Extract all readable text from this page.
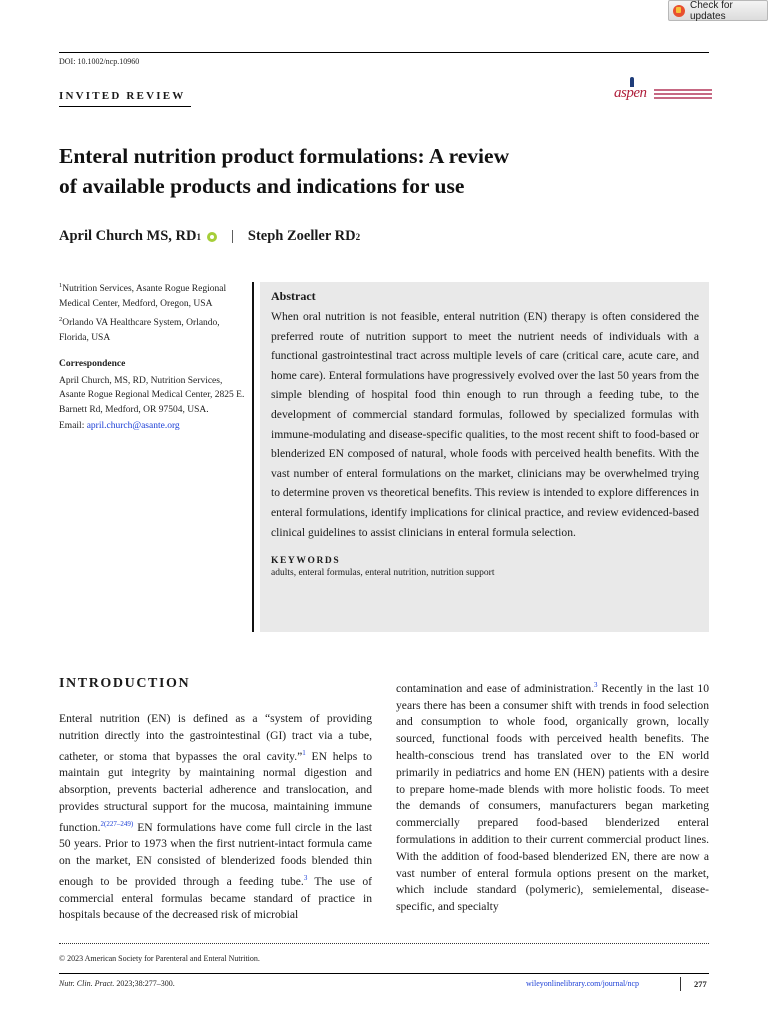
Check for updates
DOI: 10.1002/ncp.10960
INVITED REVIEW	aspen
Enteral nutrition product formulations: A review
of available products and indications for use
April Church MS, RD 1 | Steph Zoeller RD 2

$^1$Nutrition Services, Asante Rogue Regional Medical Center, Medford, Oregon, USA

$^2$Orlando VA Healthcare System, Orlando, Florida, USA

Correspondence

April Church, MS, RD, Nutrition Services, Asante Rogue Regional Medical Center, 2825 E. Barnett Rd, Medford, OR 97504, USA.

Email: april.church@asante.org

Abstract

When oral nutrition is not feasible, enteral nutrition (EN) therapy is often considered the preferred route of nutrition support to meet the nutrient needs of individuals with a functional gastrointestinal tract across multiple levels of care (critical care, acute care, and home care). Enteral formulations have progressively evolved over the last 50 years from the simple blending of hospital food thin enough to run through a feeding tube, to the development of commercial standard formulas, followed by specialized formulas with immune-modulating and disease-specific qualities, to the most recent shift to food-based or blenderized EN composed of natural, whole foods with perceived health benefits. With the vast number of enteral formulations on the market, clinicians may be overwhelmed trying to determine proven vs theoretical benefits. This review is intended to explore differences in enteral formulations, identify implications for clinical practice, and review evidenced-based clinical guidelines to assist clinicians in enteral formula selection.

KEYWORDS

adults, enteral formulas, enteral nutrition, nutrition support

INTRODUCTION

Enteral nutrition (EN) is defined as a “system of providing nutrition directly into the gastrointestinal (GI) tract via a tube, catheter, or stoma that bypasses the oral cavity.”$^1$ EN helps to maintain gut integrity by maintaining normal digestion and absorption, prevents bacterial adherence and translocation, and provides structural support for the mucosa, maintaining immune function.$^{2(227-249)}$ EN formulations have come full circle in the last 50 years. Prior to 1973 when the first nutrient-intact formula came on the market, EN consisted of blenderized foods blended thin enough to be provided through a feeding tube.$^3$ The use of commercial enteral formulas became standard of practice in hospitals because of the decreased risk of microbial

contamination and ease of administration.$^3$ Recently in the last 10 years there has been a consumer shift with trends in food selection and consumption to whole food, organically grown, locally sourced, functional foods with perceived health benefits. The health-conscious trend has translated over to the EN world primarily in pediatrics and home EN (HEN) patients with a desire to prepare home-made blends with more holistic foods. To meet the demands of consumers, manufacturers began marketing commercially prepared food-based blenderized enteral formulations in addition to their current commercial product lines. With the addition of food-based blenderized EN, there are now a vast number of enteral formula options present on the market, which include standard (polymeric), semielemental, disease-specific, and specialty

© 2023 American Society for Parenteral and Enteral Nutrition.
Nutr. Clin. Pract. 2023;38:277–300.	wileyonlinelibrary.com/journal/ncp	277
